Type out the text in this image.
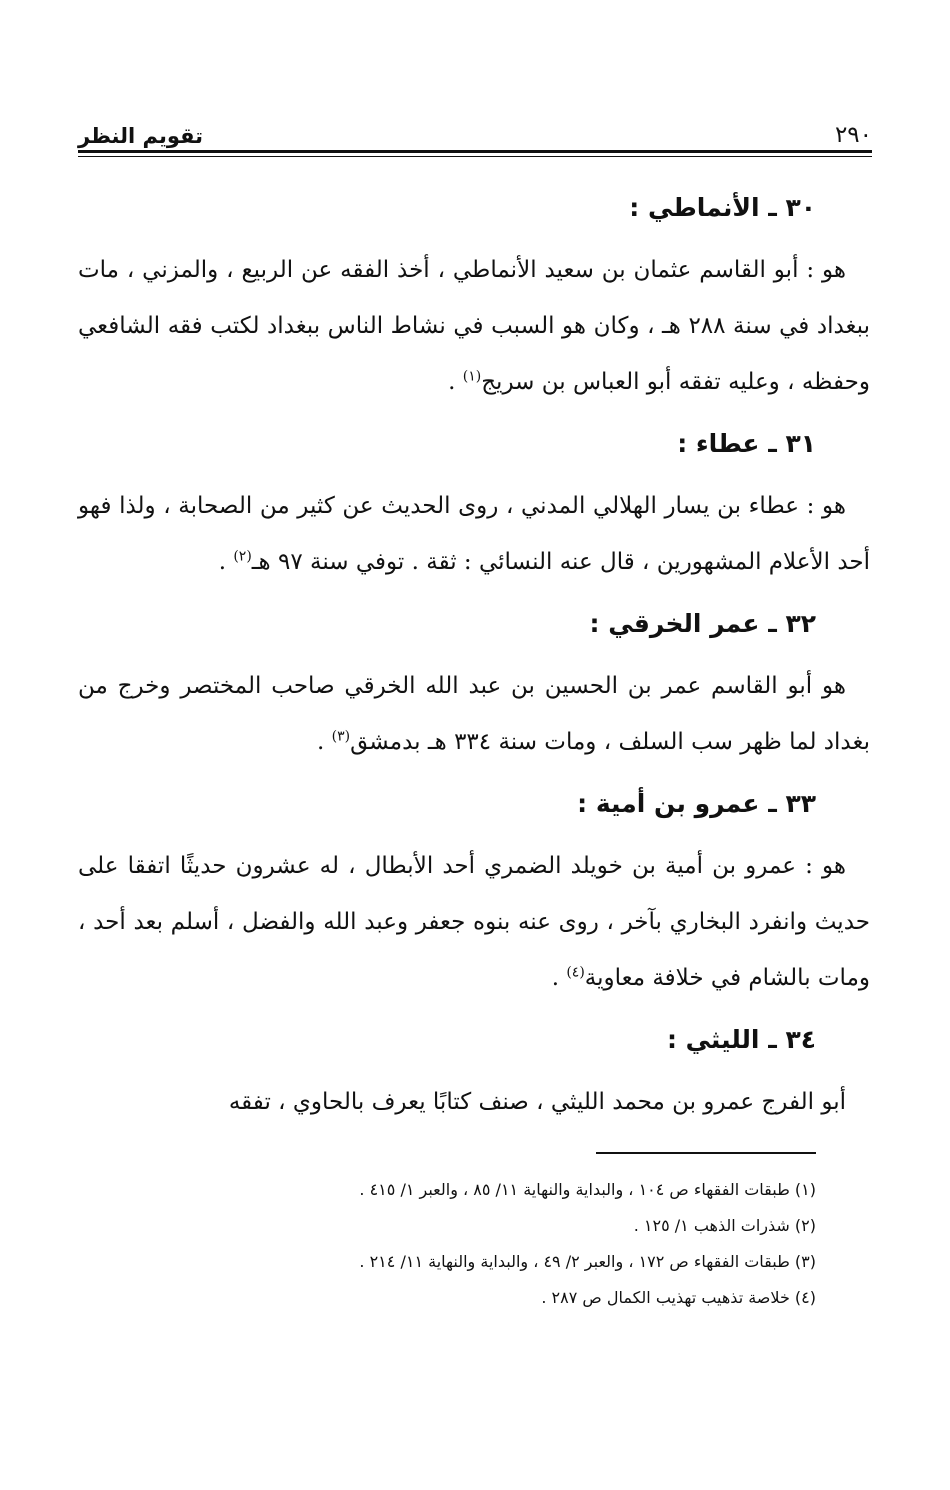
٢٩٠
تقويم النظر

٣٠ ـ الأنماطي :

هو : أبو القاسم عثمان بن سعيد الأنماطي ، أخذ الفقه عن الربيع ، والمزني ، مات ببغداد في سنة ٢٨٨ هـ ، وكان هو السبب في نشاط الناس ببغداد لكتب فقه الشافعي وحفظه ، وعليه تفقه أبو العباس بن سريج$^{(١)}$ .

٣١ ـ عطاء :

هو : عطاء بن يسار الهلالي المدني ، روى الحديث عن كثير من الصحابة ، ولذا فهو أحد الأعلام المشهورين ، قال عنه النسائي : ثقة . توفي سنة ٩٧ هـ$^{(٢)}$ .

٣٢ ـ عمر الخرقي :

هو أبو القاسم عمر بن الحسين بن عبد الله الخرقي صاحب المختصر وخرج من بغداد لما ظهر سب السلف ، ومات سنة ٣٣٤ هـ بدمشق$^{(٣)}$ .

٣٣ ـ عمرو بن أمية :

هو : عمرو بن أمية بن خويلد الضمري أحد الأبطال ، له عشرون حديثًا اتفقا على حديث وانفرد البخاري بآخر ، روى عنه بنوه جعفر وعبد الله والفضل ، أسلم بعد أحد ، ومات بالشام في خلافة معاوية$^{(٤)}$ .

٣٤ ـ الليثي :

أبو الفرج عمرو بن محمد الليثي ، صنف كتابًا يعرف بالحاوي ، تفقه

(١) طبقات الفقهاء ص ١٠٤ ، والبداية والنهاية ١١/ ٨٥ ، والعبر ١/ ٤١٥ .

(٢) شذرات الذهب ١/ ١٢٥ .

(٣) طبقات الفقهاء ص ١٧٢ ، والعبر ٢/ ٤٩ ، والبداية والنهاية ١١/ ٢١٤ .

(٤) خلاصة تذهيب تهذيب الكمال ص ٢٨٧ .
